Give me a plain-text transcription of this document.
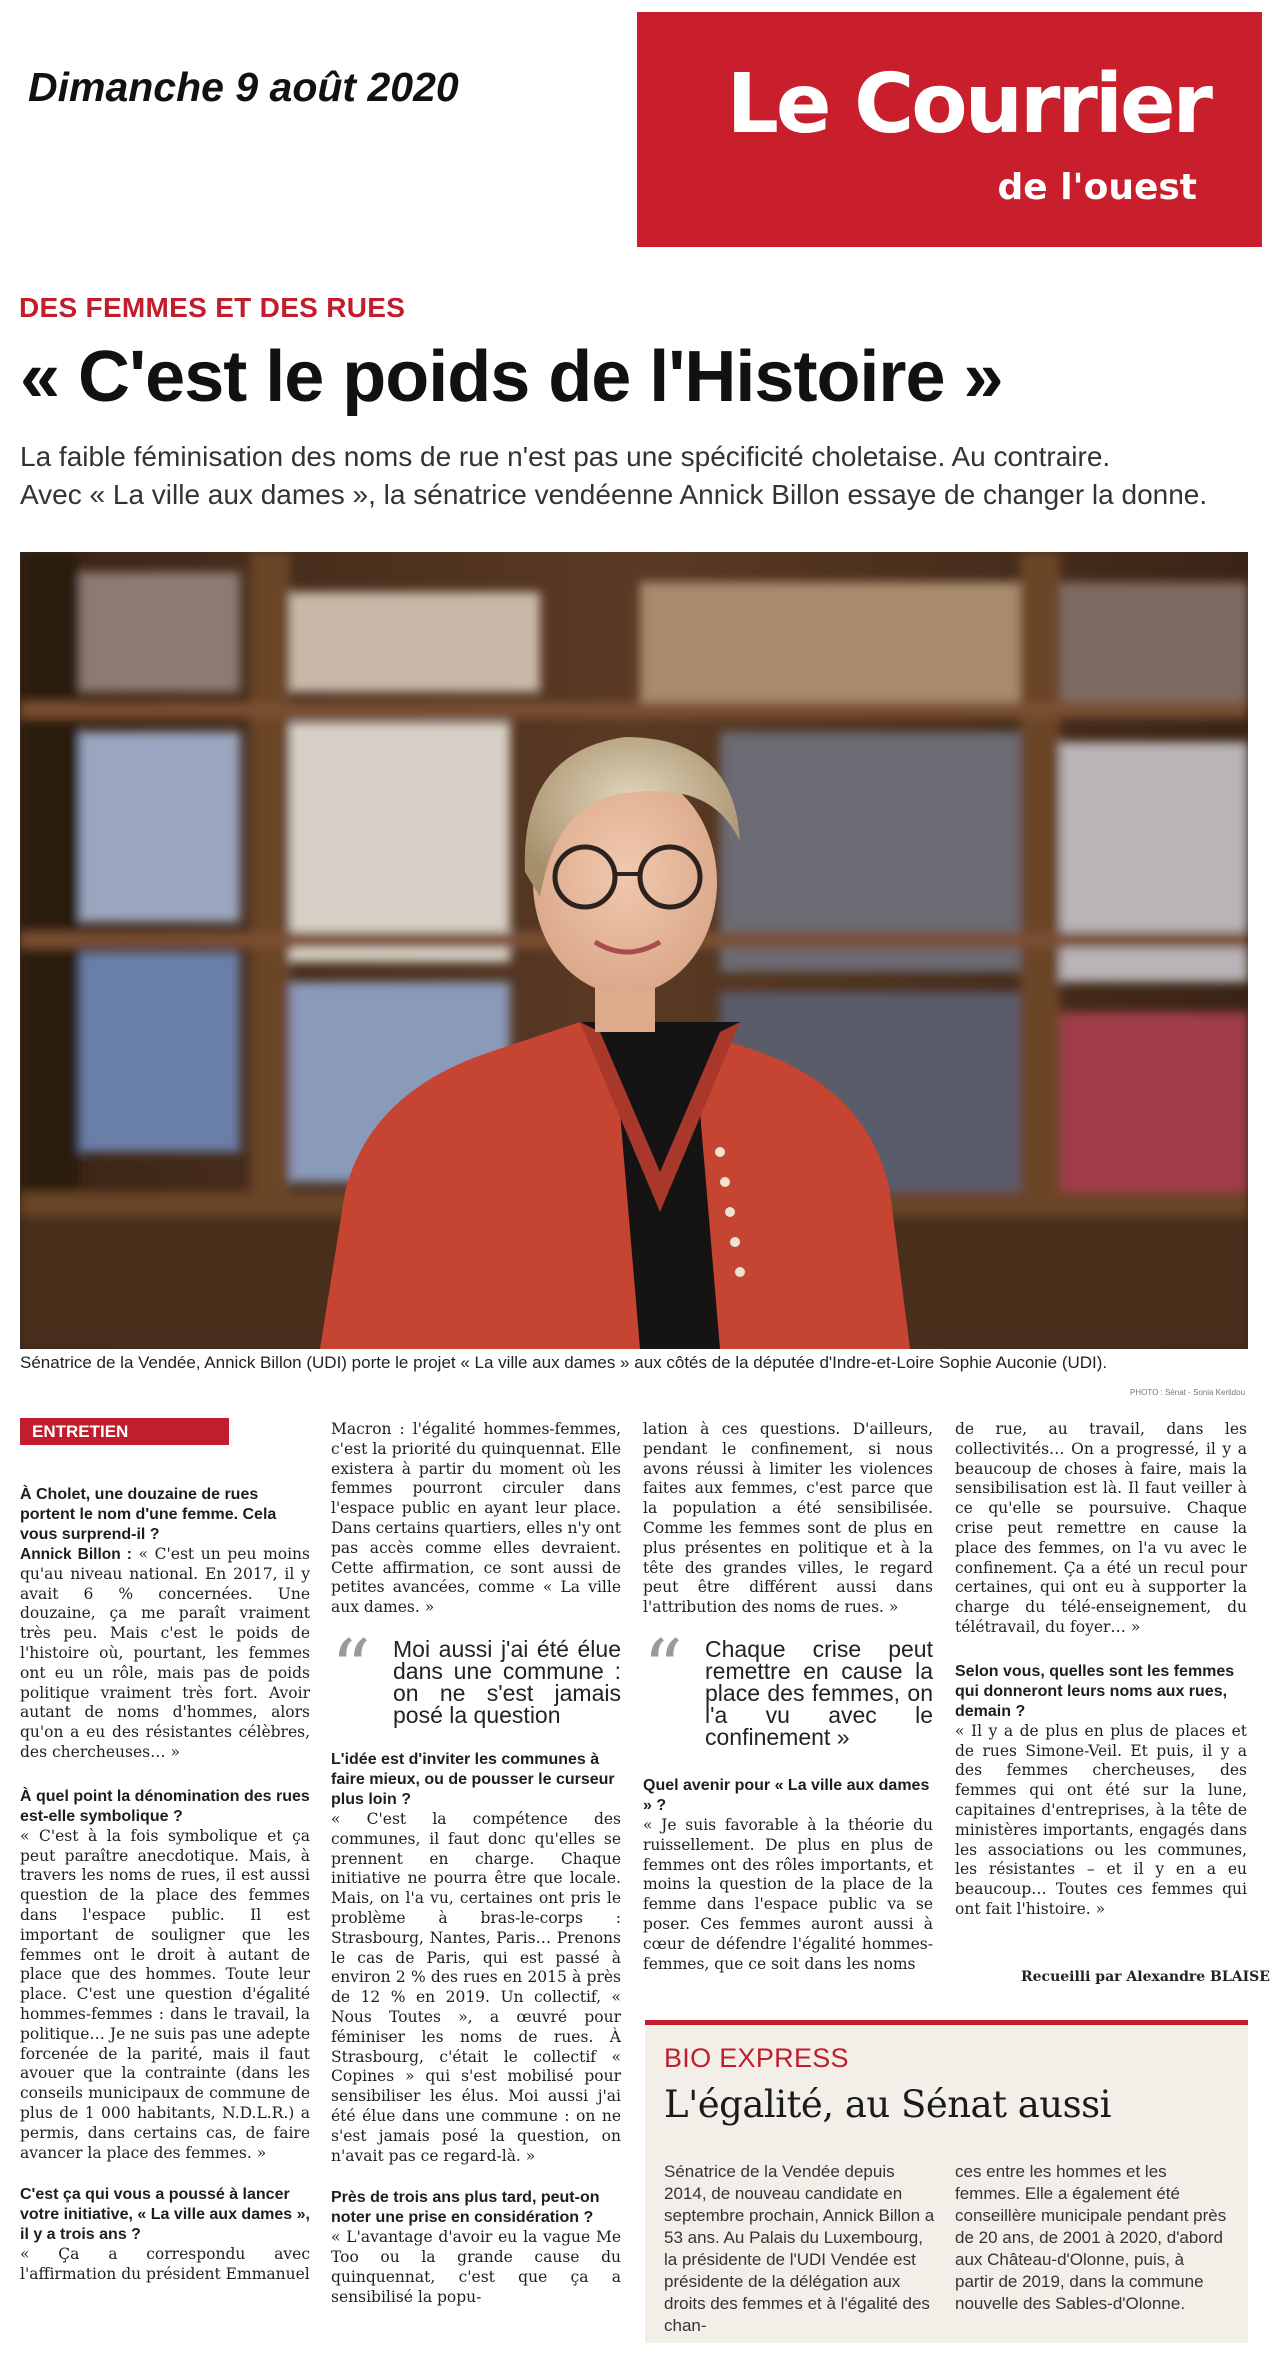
Dimanche 9 août 2020	Le Courrier
de l'ouest
DES FEMMES ET DES RUES
« C'est le poids de l'Histoire »
La faible féminisation des noms de rue n'est pas une spécificité choletaise. Au contraire.
Avec « La ville aux dames », la sénatrice vendéenne Annick Billon essaye de changer la donne.
Sénatrice de la Vendée, Annick Billon (UDI) porte le projet « La ville aux dames » aux côtés de la députée d'Indre-et-Loire Sophie Auconie (UDI).
PHOTO : Sénat - Sonia Kerlidou
ENTRETIEN

À Cholet, une douzaine de rues portent le nom d'une femme. Cela vous surprend-il ?

Annick Billon : « C'est un peu moins qu'au niveau national. En 2017, il y avait 6 % concernées. Une douzaine, ça me paraît vraiment très peu. Mais c'est le poids de l'histoire où, pourtant, les femmes ont eu un rôle, mais pas de poids politique vraiment très fort. Avoir autant de noms d'hommes, alors qu'on a eu des résistantes célèbres, des chercheuses… »

À quel point la dénomination des rues est-elle symbolique ?

« C'est à la fois symbolique et ça peut paraître anecdotique. Mais, à travers les noms de rues, il est aussi question de la place des femmes dans l'espace public. Il est important de souligner que les femmes ont le droit à autant de place que des hommes. Toute leur place. C'est une question d'égalité hommes-femmes : dans le travail, la politique… Je ne suis pas une adepte forcenée de la parité, mais il faut avouer que la contrainte (dans les conseils municipaux de commune de plus de 1 000 habitants, N.D.L.R.) a permis, dans certains cas, de faire avancer la place des femmes. »

C'est ça qui vous a poussé à lancer votre initiative, « La ville aux dames », il y a trois ans ?

« Ça a correspondu avec l'affirmation du président Emmanuel

Macron : l'égalité hommes-femmes, c'est la priorité du quinquennat. Elle existera à partir du moment où les femmes pourront circuler dans l'espace public en ayant leur place. Dans certains quartiers, elles n'y ont pas accès comme elles devraient. Cette affirmation, ce sont aussi de petites avancées, comme « La ville aux dames. »

“ Moi aussi j'ai été élue dans une commune : on ne s'est jamais posé la question

L'idée est d'inviter les communes à faire mieux, ou de pousser le curseur plus loin ?

« C'est la compétence des communes, il faut donc qu'elles se prennent en charge. Chaque initiative ne pourra être que locale. Mais, on l'a vu, certaines ont pris le problème à bras-le-corps : Strasbourg, Nantes, Paris… Prenons le cas de Paris, qui est passé à environ 2 % des rues en 2015 à près de 12 % en 2019. Un collectif, « Nous Toutes », a œuvré pour féminiser les noms de rues. À Strasbourg, c'était le collectif « Copines » qui s'est mobilisé pour sensibiliser les élus. Moi aussi j'ai été élue dans une commune : on ne s'est jamais posé la question, on n'avait pas ce regard-là. »

Près de trois ans plus tard, peut-on noter une prise en considération ?

« L'avantage d'avoir eu la vague Me Too ou la grande cause du quinquennat, c'est que ça a sensibilisé la popu-

lation à ces questions. D'ailleurs, pendant le confinement, si nous avons réussi à limiter les violences faites aux femmes, c'est parce que la population a été sensibilisée. Comme les femmes sont de plus en plus présentes en politique et à la tête des grandes villes, le regard peut être différent aussi dans l'attribution des noms de rues. »

“ Chaque crise peut remettre en cause la place des femmes, on l'a vu avec le confinement »

Quel avenir pour « La ville aux dames » ?

« Je suis favorable à la théorie du ruissellement. De plus en plus de femmes ont des rôles importants, et moins la question de la place de la femme dans l'espace public va se poser. Ces femmes auront aussi à cœur de défendre l'égalité hommes-femmes, que ce soit dans les noms

de rue, au travail, dans les collectivités… On a progressé, il y a beaucoup de choses à faire, mais la sensibilisation est là. Il faut veiller à ce qu'elle se poursuive. Chaque crise peut remettre en cause la place des femmes, on l'a vu avec le confinement. Ça a été un recul pour certaines, qui ont eu à supporter la charge du télé-enseignement, du télétravail, du foyer… »

Selon vous, quelles sont les femmes qui donneront leurs noms aux rues, demain ?

« Il y a de plus en plus de places et de rues Simone-Veil. Et puis, il y a des femmes chercheuses, des femmes qui ont été sur la lune, capitaines d'entreprises, à la tête de ministères importants, engagés dans les associations ou les communes, les résistantes – et il y en a eu beaucoup… Toutes ces femmes qui ont fait l'histoire. »

Recueilli par Alexandre BLAISE
BIO EXPRESS
L'égalité, au Sénat aussi
Sénatrice de la Vendée depuis 2014, de nouveau candidate en septembre prochain, Annick Billon a 53 ans. Au Palais du Luxembourg, la présidente de l'UDI Vendée est présidente de la délégation aux droits des femmes et à l'égalité des chan-
ces entre les hommes et les femmes. Elle a également été conseillère municipale pendant près de 20 ans, de 2001 à 2020, d'abord aux Château-d'Olonne, puis, à partir de 2019, dans la commune nouvelle des Sables-d'Olonne.
